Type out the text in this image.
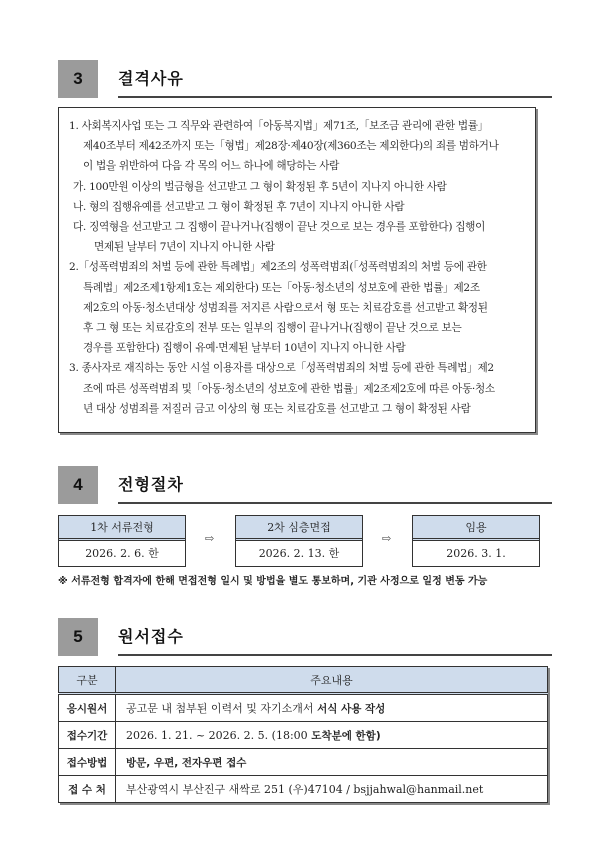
3	결격사유
1. 사회복지사업 또는 그 직무와 관련하여「아동복지법」제71조,「보조금 관리에 관한 법률」
제40조부터 제42조까지 또는「형법」제28장·제40장(제360조는 제외한다)의 죄를 범하거나
이 법을 위반하여 다음 각 목의 어느 하나에 해당하는 사람
가. 100만원 이상의 벌금형을 선고받고 그 형이 확정된 후 5년이 지나지 아니한 사람
나. 형의 집행유예를 선고받고 그 형이 확정된 후 7년이 지나지 아니한 사람
다. 징역형을 선고받고 그 집행이 끝나거나(집행이 끝난 것으로 보는 경우를 포함한다) 집행이
면제된 날부터 7년이 지나지 아니한 사람
2.「성폭력범죄의 처벌 등에 관한 특례법」제2조의 성폭력범죄(「성폭력범죄의 처벌 등에 관한
특례법」제2조제1항제1호는 제외한다) 또는「아동·청소년의 성보호에 관한 법률」제2조
제2호의 아동·청소년대상 성범죄를 저지른 사람으로서 형 또는 치료감호를 선고받고 확정된
후 그 형 또는 치료감호의 전부 또는 일부의 집행이 끝나거나(집행이 끝난 것으로 보는
경우를 포함한다) 집행이 유예·면제된 날부터 10년이 지나지 아니한 사람
3. 종사자로 재직하는 동안 시설 이용자를 대상으로「성폭력범죄의 처벌 등에 관한 특례법」제2
조에 따른 성폭력범죄 및「아동·청소년의 성보호에 관한 법률」제2조제2호에 따른 아동·청소
년 대상 성범죄를 저질러 금고 이상의 형 또는 치료감호를 선고받고 그 형이 확정된 사람
4	전형절차
1차 서류전형
2026. 2. 6. 한
⇨
2차 심층면접
2026. 2. 13. 한
⇨
임용
2026. 3. 1.
※ 서류전형 합격자에 한해 면접전형 일시 및 방법을 별도 통보하며, 기관 사정으로 일정 변동 가능
5	원서접수
구분	주요내용
응시원서	공고문 내 첨부된 이력서 및 자기소개서 서식 사용 작성
접수기간	2026. 1. 21. ~ 2026. 2. 5. (18:00 도착분에 한함)
접수방법	방문, 우편, 전자우편 접수
접 수 처	부산광역시 부산진구 새싹로 251 (우)47104 / bsjjahwal@hanmail.net
